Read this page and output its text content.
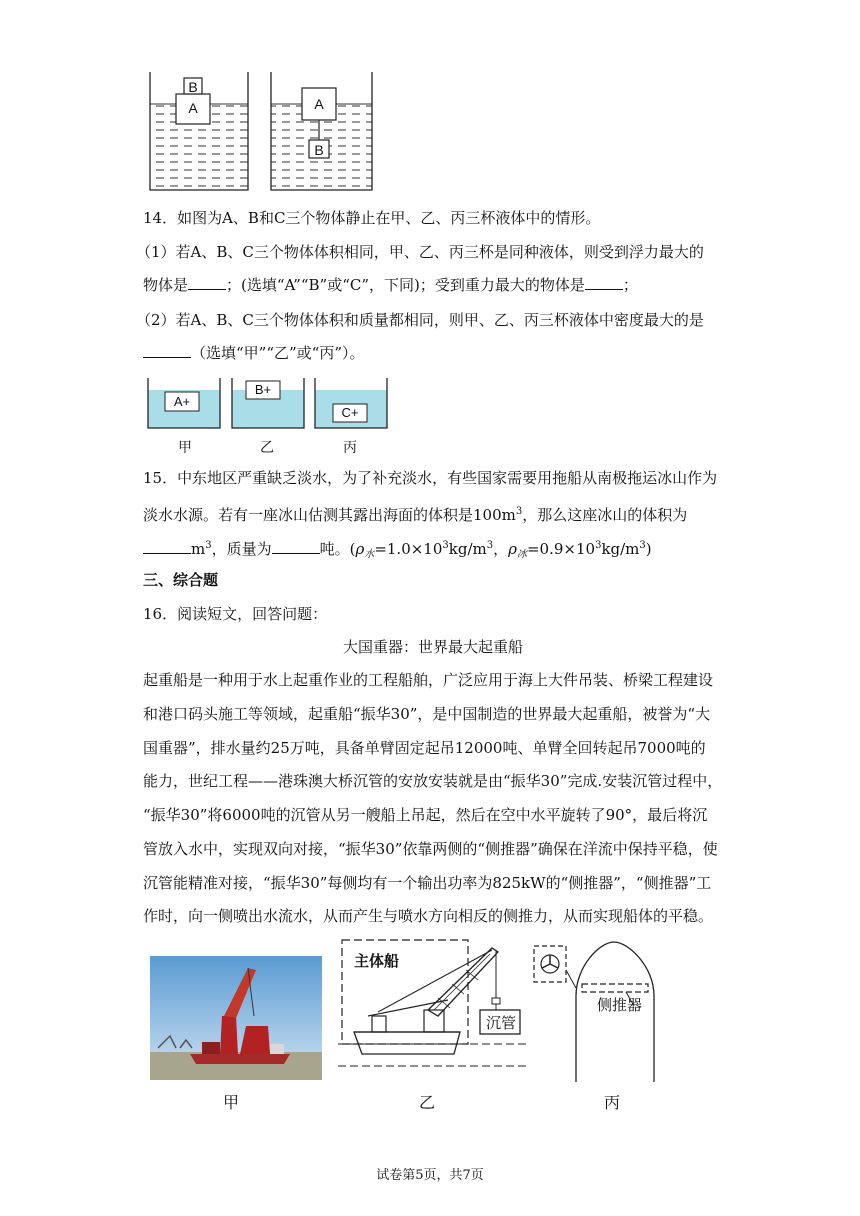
B
A	A
B
14．如图为A、B和C三个物体静止在甲、乙、丙三杯液体中的情形。
（1）若A、B、C三个物体体积相同，甲、乙、丙三杯是同种液体，则受到浮力最大的
物体是	；(选填“A”“B”或“C”，下同)；受到重力最大的物体是	；
（2）若A、B、C三个物体体积和质量都相同，则甲、乙、丙三杯液体中密度最大的是
（选填“甲”“乙”或“丙”）。
A+
B+
C+
甲	乙	丙
15．中东地区严重缺乏淡水，为了补充淡水，有些国家需要用拖船从南极拖运冰山作为
淡水水源。若有一座冰山估测其露出海面的体积是$100m^3$，那么这座冰山的体积为
$m^3$，质量为	吨。($\rho_水=1.0\times 10^3kg/m^3$，$\rho_冰=0.9\times 10^3kg/m^3$)
三、综合题
16．阅读短文，回答问题：
大国重器：世界最大起重船
起重船是一种用于水上起重作业的工程船舶，广泛应用于海上大件吊装、桥梁工程建设
和港口码头施工等领域，起重船“振华30”，是中国制造的世界最大起重船，被誉为“大
国重器”，排水量约25万吨，具备单臂固定起吊12000吨、单臂全回转起吊7000吨的
能力，世纪工程——港珠澳大桥沉管的安放安装就是由“振华30”完成.安装沉管过程中，
“振华30”将6000吨的沉管从另一艘船上吊起，然后在空中水平旋转了90°，最后将沉
管放入水中，实现双向对接，“振华30”依靠两侧的“侧推器”确保在洋流中保持平稳，使
沉管能精准对接，“振华30”每侧均有一个输出功率为825kW的“侧推器”，“侧推器”工
作时，向一侧喷出水流水，从而产生与喷水方向相反的侧推力，从而实现船体的平稳。
主体船
沉管
侧推器
甲	乙	丙
试卷第5页，共7页
